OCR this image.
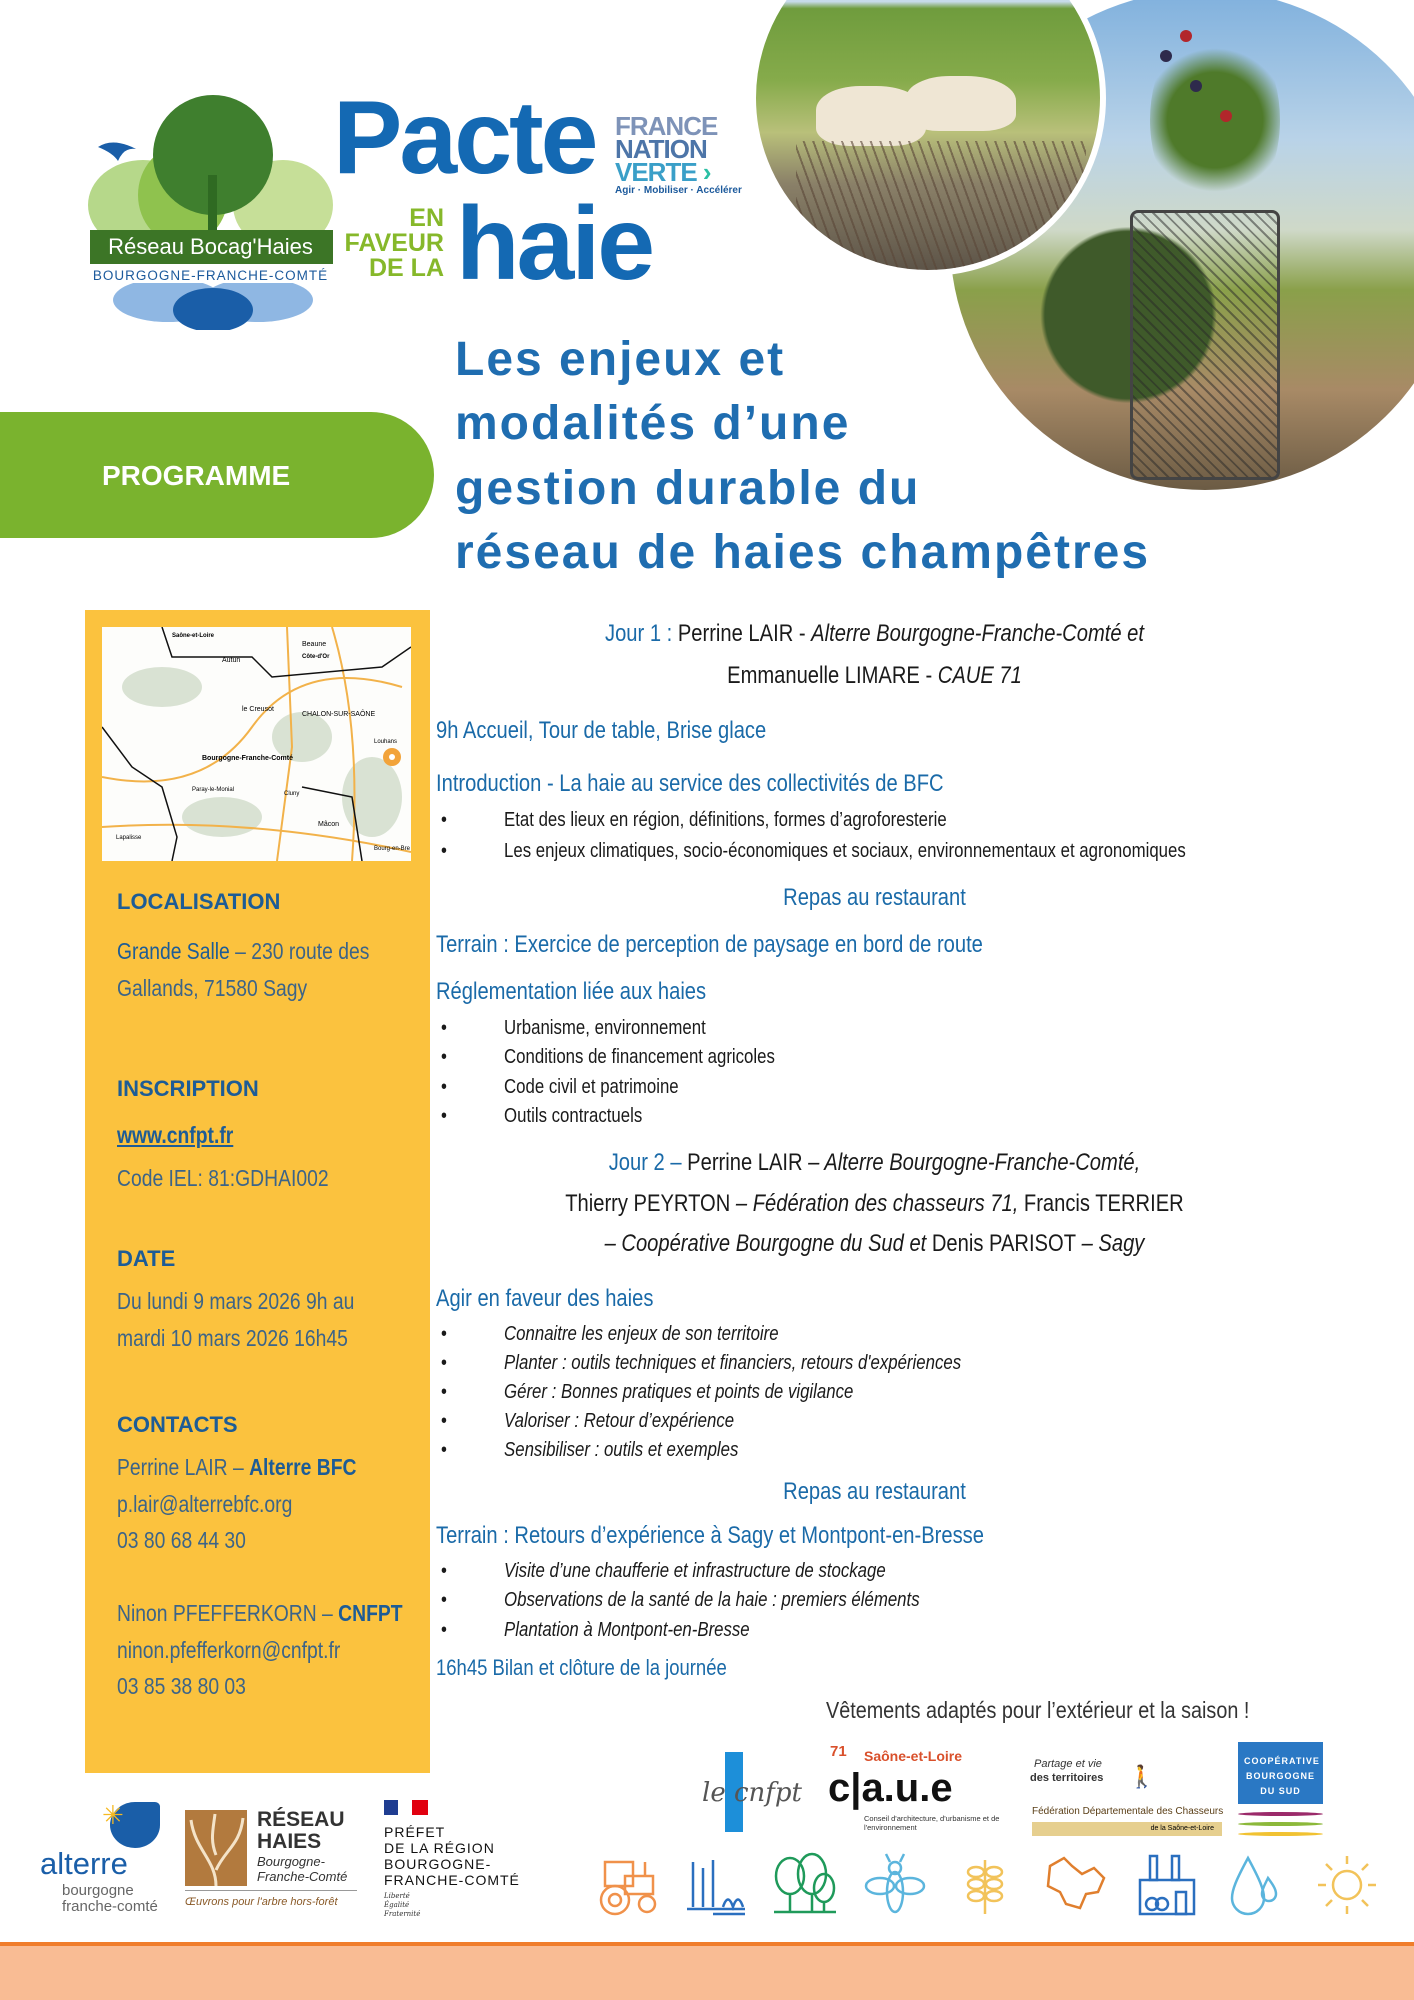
Réseau Bocag'Haies
BOURGOGNE-FRANCHE-COMTÉ
Pacte
EN
FAVEUR
DE LA haie
FRANCE
NATION
VERTE ›
Agir · Mobiliser · Accélérer
Les enjeux et
modalités d’une
gestion durable du
réseau de haies champêtres
PROGRAMME
Bourgogne-Franche-Comté
CHALON-SUR-SAÔNE
Saône-et-Loire
Beaune
Côte-d'Or
Autun
le Creusot
Louhans
Paray-le-Monial
Cluny
Mâcon
Lapalisse
Bourg-en-Bre
LOCALISATION
Grande Salle – 230 route des
Gallands, 71580 Sagy
INSCRIPTION
www.cnfpt.fr
Code IEL: 81:GDHAI002
DATE
Du lundi 9 mars 2026 9h au
mardi 10 mars 2026 16h45
CONTACTS
Perrine LAIR – Alterre BFC
p.lair@alterrebfc.org
03 80 68 44 30
Ninon PFEFFERKORN – CNFPT
ninon.pfefferkorn@cnfpt.fr
03 85 38 80 03
Jour 1 : Perrine LAIR - Alterre Bourgogne-Franche-Comté et
Emmanuelle LIMARE - CAUE 71
9h Accueil, Tour de table, Brise glace
Introduction - La haie au service des collectivités de BFC
•	Etat des lieux en région, définitions, formes d’agroforesterie
•	Les enjeux climatiques, socio-économiques et sociaux, environnementaux et agronomiques
Repas au restaurant
Terrain : Exercice de perception de paysage en bord de route
Réglementation liée aux haies
•	Urbanisme, environnement
•	Conditions de financement agricoles
•	Code civil et patrimoine
•	Outils contractuels
Jour 2 – Perrine LAIR – Alterre Bourgogne-Franche-Comté,
Thierry PEYRTON – Fédération des chasseurs 71, Francis TERRIER
– Coopérative Bourgogne du Sud et Denis PARISOT – Sagy
Agir en faveur des haies
•	Connaitre les enjeux de son territoire
•	Planter : outils techniques et financiers, retours d'expériences
•	Gérer : Bonnes pratiques et points de vigilance
•	Valoriser : Retour d’expérience
•	Sensibiliser : outils et exemples
Repas au restaurant
Terrain : Retours d’expérience à Sagy et Montpont-en-Bresse
•	Visite d’une chaufferie et infrastructure de stockage
•	Observations de la santé de la haie : premiers éléments
•	Plantation à Montpont-en-Bresse
16h45 Bilan et clôture de la journée
Vêtements adaptés pour l’extérieur et la saison !
le cnfpt
71 Saône-et-Loire
c|a.u.e
Conseil d'architecture, d'urbanisme et de l'environnement
Partage et vie
des territoires 🚶
Fédération Départementale des Chasseurs
de la Saône-et-Loire
COOPÉRATIVE BOURGOGNE DU SUD
✳
alterre
bourgogne
franche-comté
RÉSEAU
HAIES
Bourgogne-
Franche-Comté
Œuvrons pour l'arbre hors-forêt
PRÉFET
DE LA RÉGION
BOURGOGNE-
FRANCHE-COMTÉ
Liberté Égalité Fraternité
